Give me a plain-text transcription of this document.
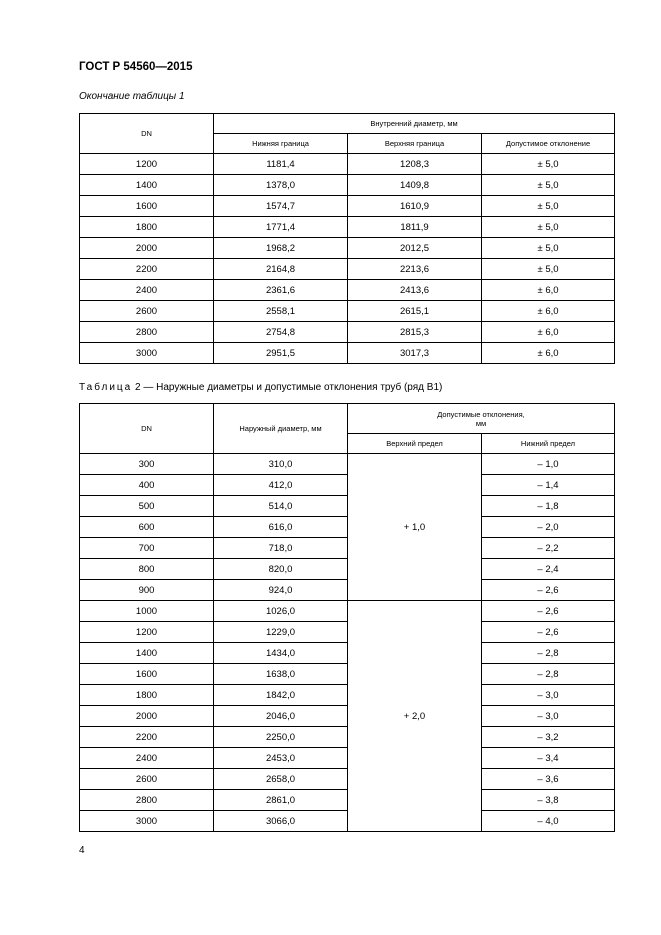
ГОСТ Р 54560—2015
Окончание таблицы 1
DN	Внутренний диаметр, мм		
	Нижняя граница	Верхняя граница	Допустимое отклонение
1200	1181,4	1208,3	± 5,0
1400	1378,0	1409,8	± 5,0
1600	1574,7	1610,9	± 5,0
1800	1771,4	1811,9	± 5,0
2000	1968,2	2012,5	± 5,0
2200	2164,8	2213,6	± 5,0
2400	2361,6	2413,6	± 6,0
2600	2558,1	2615,1	± 6,0
2800	2754,8	2815,3	± 6,0
3000	2951,5	3017,3	± 6,0
Таблица 2 — Наружные диаметры и допустимые отклонения труб (ряд В1)
DN	Наружный диаметр, мм	Допустимые отклонения,
мм	
		Верхний предел	Нижний предел
300	310,0	+ 1,0	– 1,0
400	412,0		– 1,4
500	514,0		– 1,8
600	616,0		– 2,0
700	718,0		– 2,2
800	820,0		– 2,4
900	924,0		– 2,6
1000	1026,0	+ 2,0	– 2,6
1200	1229,0		– 2,6
1400	1434,0		– 2,8
1600	1638,0		– 2,8
1800	1842,0		– 3,0
2000	2046,0		– 3,0
2200	2250,0		– 3,2
2400	2453,0		– 3,4
2600	2658,0		– 3,6
2800	2861,0		– 3,8
3000	3066,0		– 4,0
4
